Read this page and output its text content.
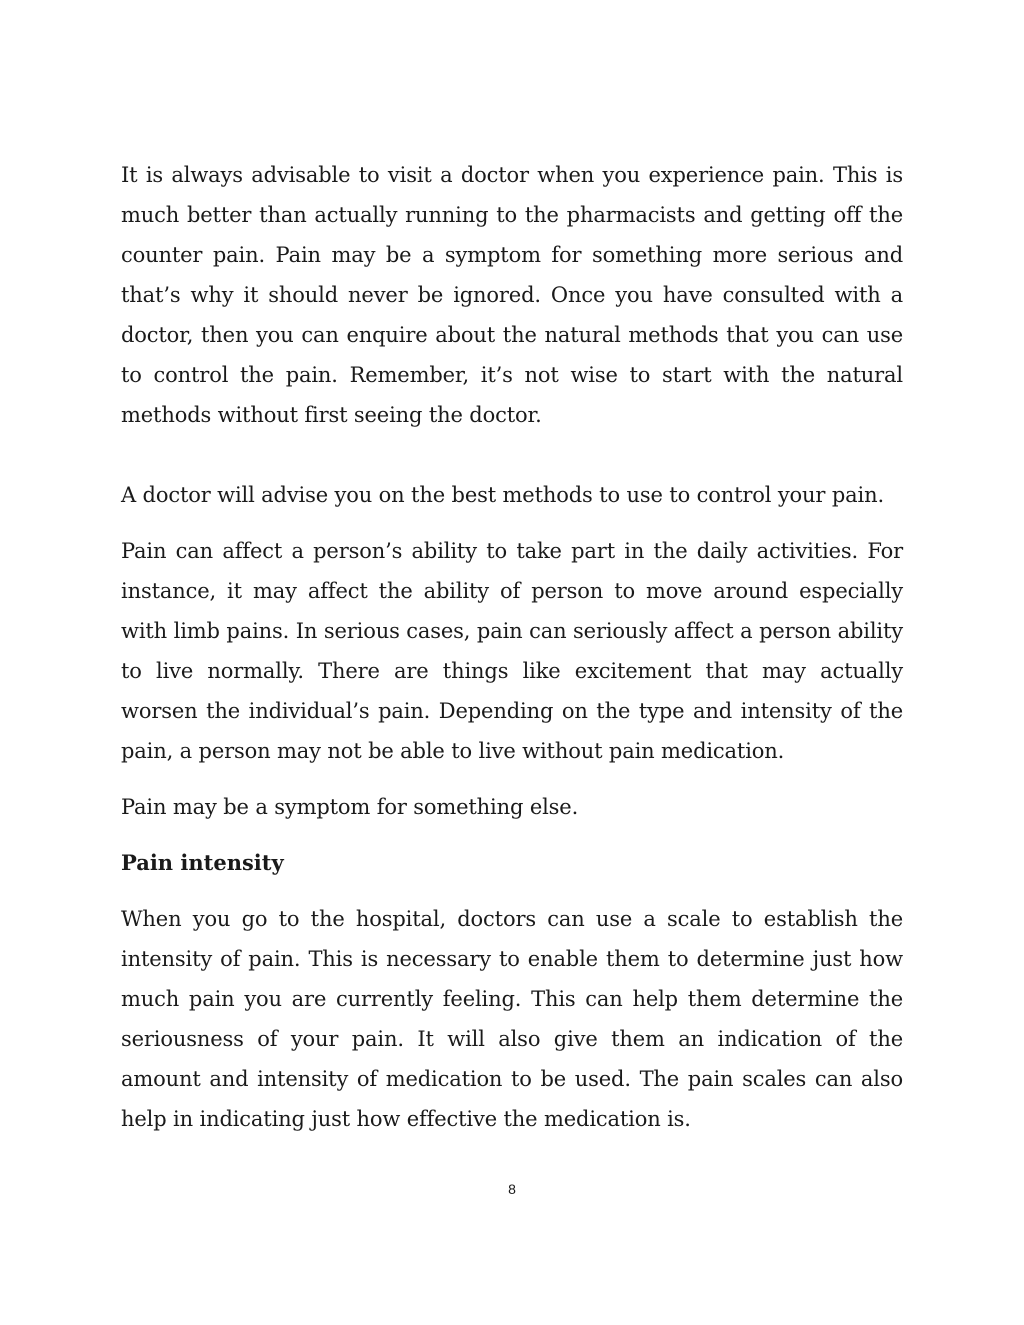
It is always advisable to visit a doctor when you experience pain. This is much better than actually running to the pharmacists and getting off the counter pain. Pain may be a symptom for something more serious and that’s why it should never be ignored. Once you have consulted with a doctor, then you can enquire about the natural methods that you can use to control the pain. Remember, it’s not wise to start with the natural methods without first seeing the doctor.

A doctor will advise you on the best methods to use to control your pain.

Pain can affect a person’s ability to take part in the daily activities. For instance, it may affect the ability of person to move around especially with limb pains. In serious cases, pain can seriously affect a person ability to live normally. There are things like excitement that may actually worsen the individual’s pain. Depending on the type and intensity of the pain, a person may not be able to live without pain medication.

Pain may be a symptom for something else.

Pain intensity

When you go to the hospital, doctors can use a scale to establish the intensity of pain. This is necessary to enable them to determine just how much pain you are currently feeling. This can help them determine the seriousness of your pain. It will also give them an indication of the amount and intensity of medication to be used. The pain scales can also help in indicating just how effective the medication is.

8
